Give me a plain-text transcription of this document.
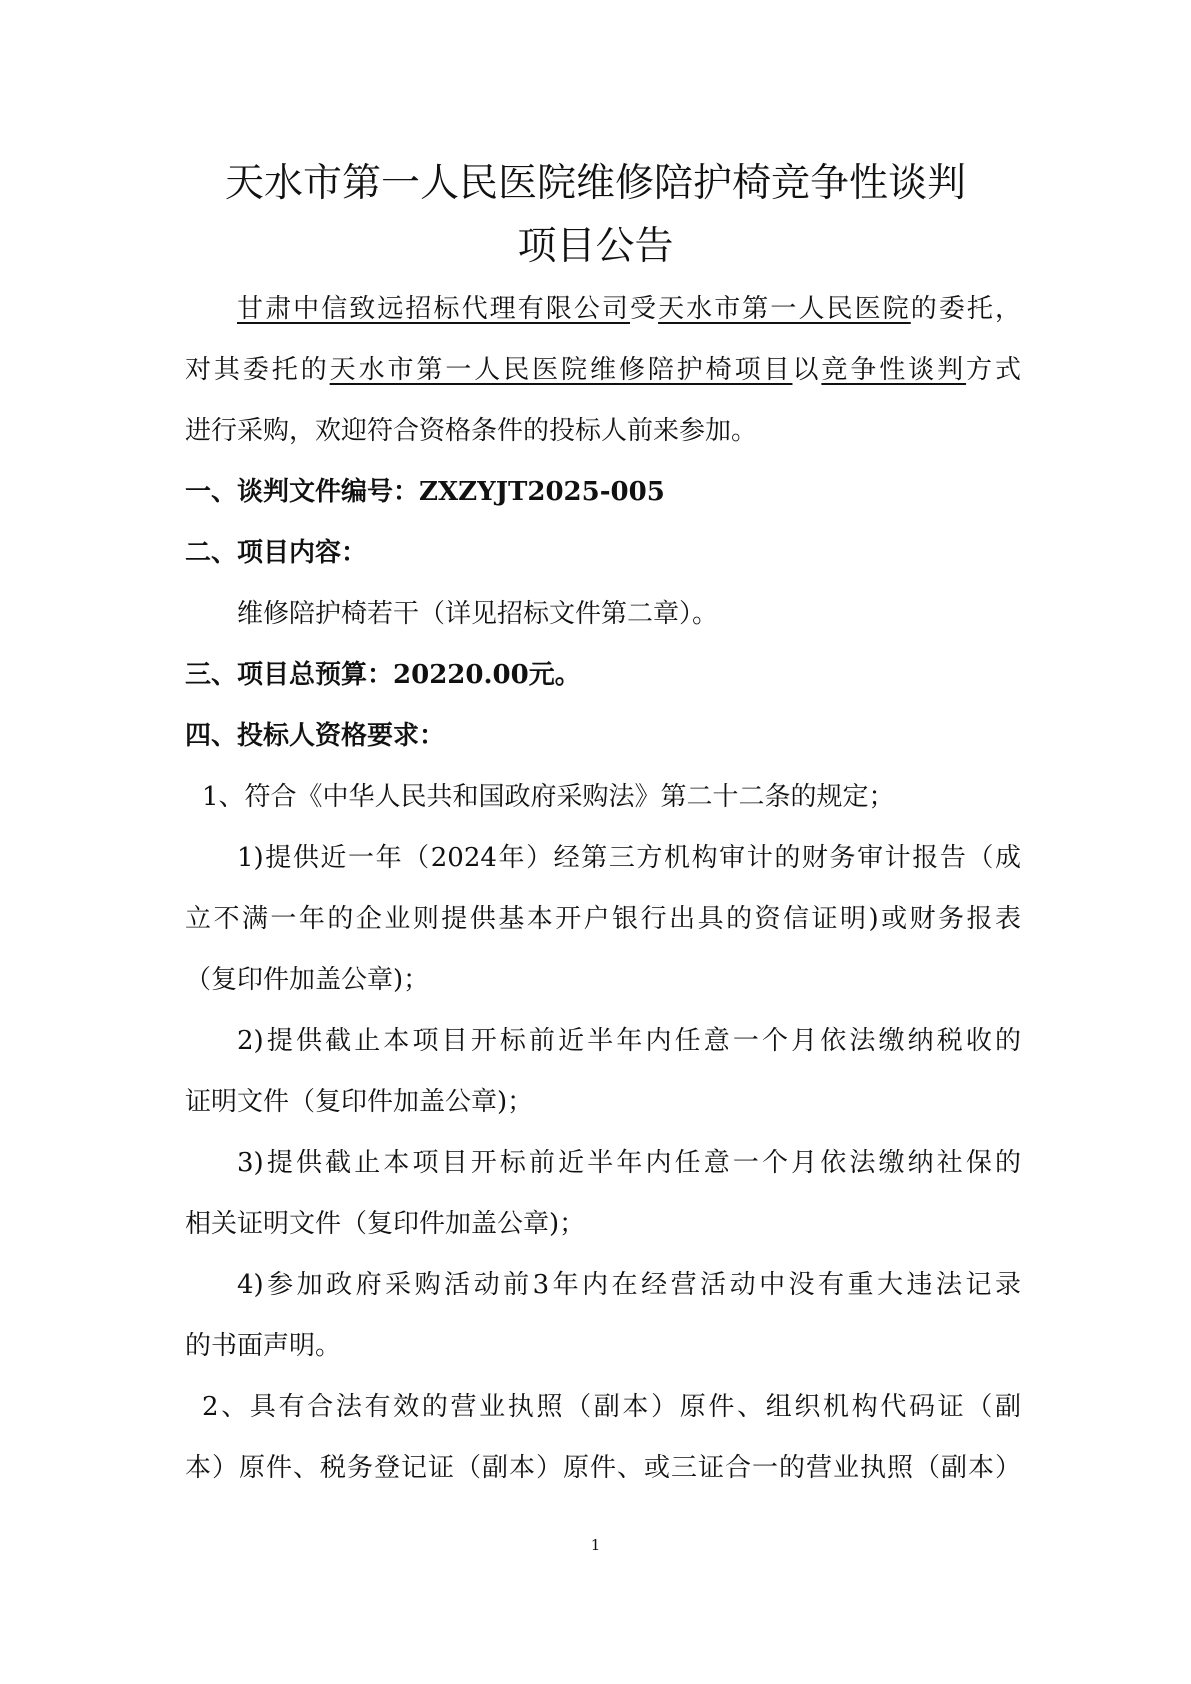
天水市第一人民医院维修陪护椅竞争性谈判
项目公告
甘肃中信致远招标代理有限公司受天水市第一人民医院的委托，
对其委托的天水市第一人民医院维修陪护椅项目以竞争性谈判方式
进行采购，欢迎符合资格条件的投标人前来参加。
一、谈判文件编号：ZXZYJT2025-005
二、项目内容：
维修陪护椅若干（详见招标文件第二章）。
三、项目总预算：20220.00元。
四、投标人资格要求：
1、符合《中华人民共和国政府采购法》第二十二条的规定；
1)提供近一年（2024年）经第三方机构审计的财务审计报告（成
立不满一年的企业则提供基本开户银行出具的资信证明)或财务报表
（复印件加盖公章)；
2)提供截止本项目开标前近半年内任意一个月依法缴纳税收的
证明文件（复印件加盖公章)；
3)提供截止本项目开标前近半年内任意一个月依法缴纳社保的
相关证明文件（复印件加盖公章)；
4)参加政府采购活动前3年内在经营活动中没有重大违法记录
的书面声明。
2、具有合法有效的营业执照（副本）原件、组织机构代码证（副
本）原件、税务登记证（副本）原件、或三证合一的营业执照（副本）
1
